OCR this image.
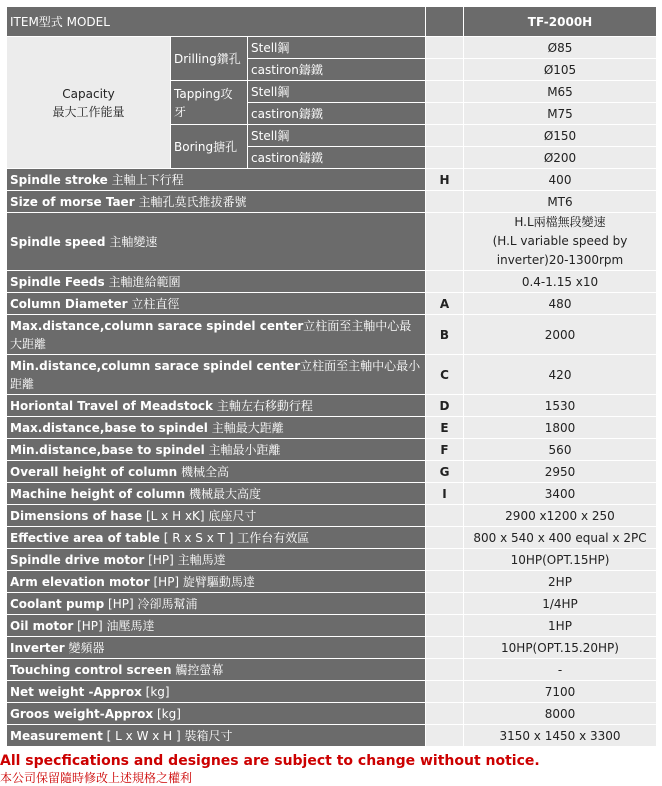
ITEM型式 MODEL				TF-2000H

Capacity
最大工作能量	Drilling鑽孔	Stell鋼		Ø85
		castiron鑄鐵		Ø105
	Tapping攻牙	Stell鋼		M65
		castiron鑄鐵		M75
	Boring搪孔	Stell鋼		Ø150
		castiron鑄鐵		Ø200
Spindle stroke 主軸上下行程			H	400
Size of morse Taer 主軸孔莫氏推拔番號				MT6
Spindle speed 主軸變速				H.L兩檔無段變速
(H.L variable speed by inverter)20-1300rpm
Spindle Feeds 主軸進給範圍				0.4-1.15 x10
Column Diameter 立柱直徑			A	480
Max.distance,column sarace spindel center立柱面至主軸中心最大距離			B	2000
Min.distance,column sarace spindel center立柱面至主軸中心最小距離			C	420
Horiontal Travel of Meadstock 主軸左右移動行程			D	1530
Max.distance,base to spindel 主軸最大距離			E	1800
Min.distance,base to spindel 主軸最小距離			F	560
Overall height of column 機械全高			G	2950
Machine height of column 機械最大高度			I	3400
Dimensions of hase [L x H xK] 底座尺寸				2900 x1200 x 250
Effective area of table [ R x S x T ] 工作台有效區				800 x 540 x 400 equal x 2PC
Spindle drive motor [HP] 主軸馬達				10HP(OPT.15HP)
Arm elevation motor [HP] 旋臂驅動馬達				2HP
Coolant pump [HP] 冷卻馬幫浦				1/4HP
Oil motor [HP] 油壓馬達				1HP
Inverter 變頻器				10HP(OPT.15.20HP)
Touching control screen 觸控螢幕				-
Net weight -Approx [kg]				7100
Groos weight-Approx [kg]				8000
Measurement [ L x W x H ] 裝箱尺寸				3150 x 1450 x 3300
All specfications and designes are subject to change without notice.
本公司保留隨時修改上述規格之權利
